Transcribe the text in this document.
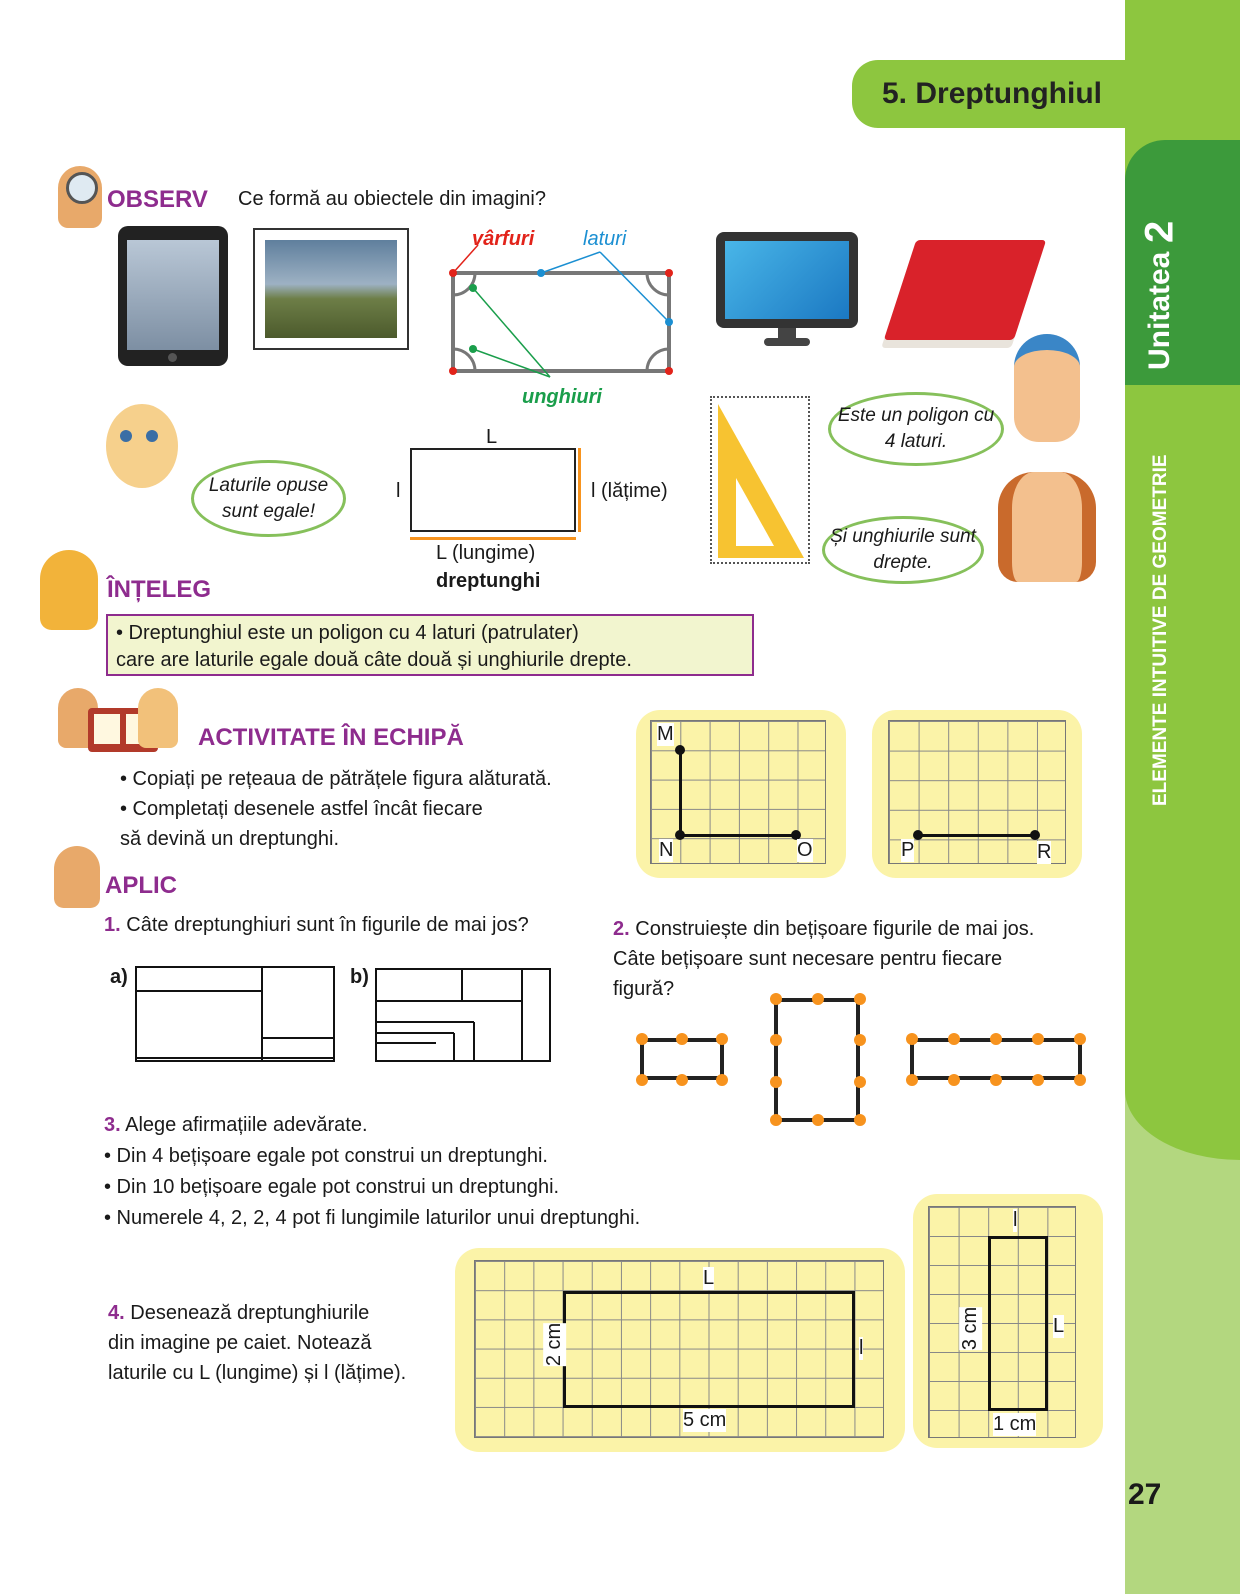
Unitatea

2
ELEMENTE INTUITIVE DE GEOMETRIE
27
5. Dreptunghiul
OBSERV Ce formă au obiectele din imagini?
vârfuri laturi
unghiuri
Laturile opuse sunt egale!
L
l	l (lățime)
L (lungime)
dreptunghi
Este un poligon cu 4 laturi.
Și unghiurile sunt drepte.
ÎNȚELEG
• Dreptunghiul este un poligon cu 4 laturi (patrulater)
care are laturile egale două câte două și unghiurile drepte.
ACTIVITATE ÎN ECHIPĂ
• Copiați pe rețeaua de pătrățele figura alăturată.
• Completați desenele astfel încât fiecare
să devină un dreptunghi.
M
N	O	P	R
APLIC
1. Câte dreptunghiuri sunt în figurile de mai jos?
a)	b)
2. Construiește din bețișoare figurile de mai jos.
Câte bețișoare sunt necesare pentru fiecare
figură?
3. Alege afirmațiile adevărate.
• Din 4 bețișoare egale pot construi un dreptunghi.
• Din 10 bețișoare egale pot construi un dreptunghi.
• Numerele 4, 2, 2, 4 pot fi lungimile laturilor unui dreptunghi.
4. Desenează dreptunghiurile
din imagine pe caiet. Notează
laturile cu L (lungime) și l (lățime).
L
l
2 cm
5 cm
l
L
3 cm
1 cm
